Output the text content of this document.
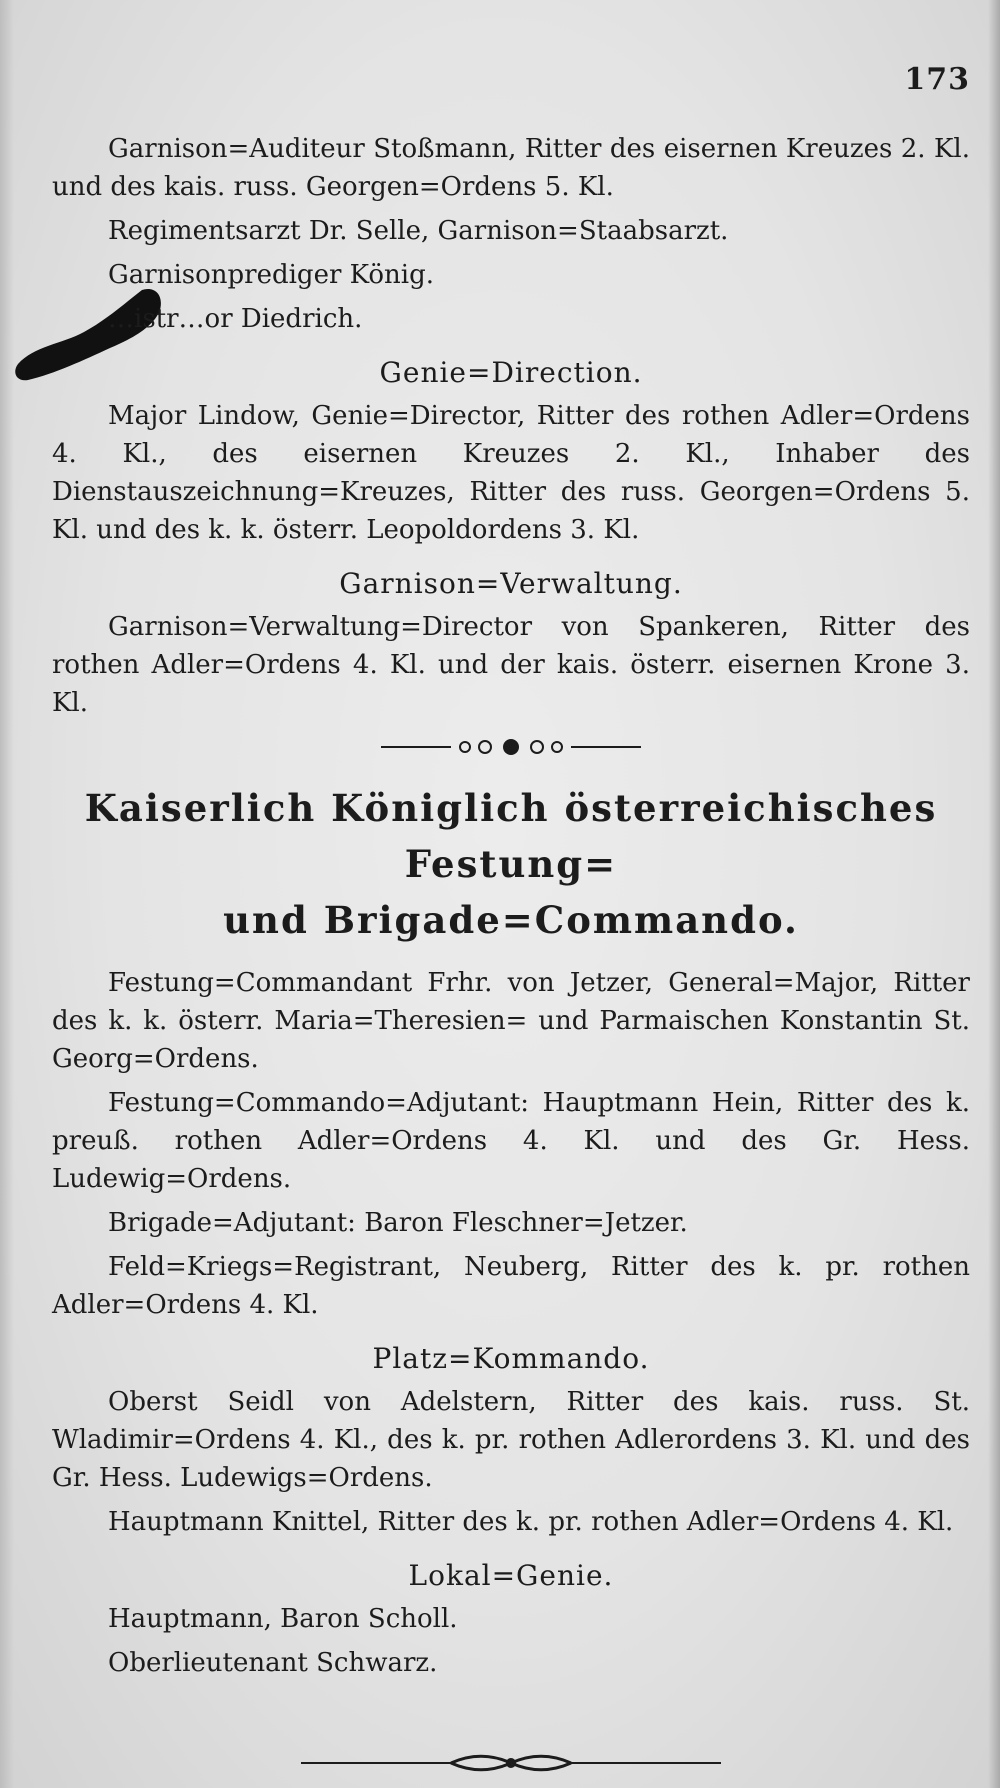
173

Garnison=Auditeur Stoßmann, Ritter des eisernen Kreuzes 2. Kl. und des kais. russ. Georgen=Ordens 5. Kl.

Regimentsarzt Dr. Selle, Garnison=Staabsarzt.

Garnisonprediger König.

…istr…or Diedrich.

Genie=Direction.

Major Lindow, Genie=Director, Ritter des rothen Adler=Ordens 4. Kl., des eisernen Kreuzes 2. Kl., Inhaber des Dienstauszeichnung=Kreuzes, Ritter des russ. Georgen=Ordens 5. Kl. und des k. k. österr. Leopoldordens 3. Kl.

Garnison=Verwaltung.

Garnison=Verwaltung=Director von Spankeren, Ritter des rothen Adler=Ordens 4. Kl. und der kais. österr. eisernen Krone 3. Kl.

Kaiserlich Königlich österreichisches Festung=
und Brigade=Commando.

Festung=Commandant Frhr. von Jetzer, General=Major, Ritter des k. k. österr. Maria=Theresien= und Parmaischen Konstantin St. Georg=Ordens.

Festung=Commando=Adjutant: Hauptmann Hein, Ritter des k. preuß. rothen Adler=Ordens 4. Kl. und des Gr. Hess. Ludewig=Ordens.

Brigade=Adjutant: Baron Fleschner=Jetzer.

Feld=Kriegs=Registrant, Neuberg, Ritter des k. pr. rothen Adler=Ordens 4. Kl.

Platz=Kommando.

Oberst Seidl von Adelstern, Ritter des kais. russ. St. Wladimir=Ordens 4. Kl., des k. pr. rothen Adlerordens 3. Kl. und des Gr. Hess. Ludewigs=Ordens.

Hauptmann Knittel, Ritter des k. pr. rothen Adler=Ordens 4. Kl.

Lokal=Genie.

Hauptmann, Baron Scholl.

Oberlieutenant Schwarz.
